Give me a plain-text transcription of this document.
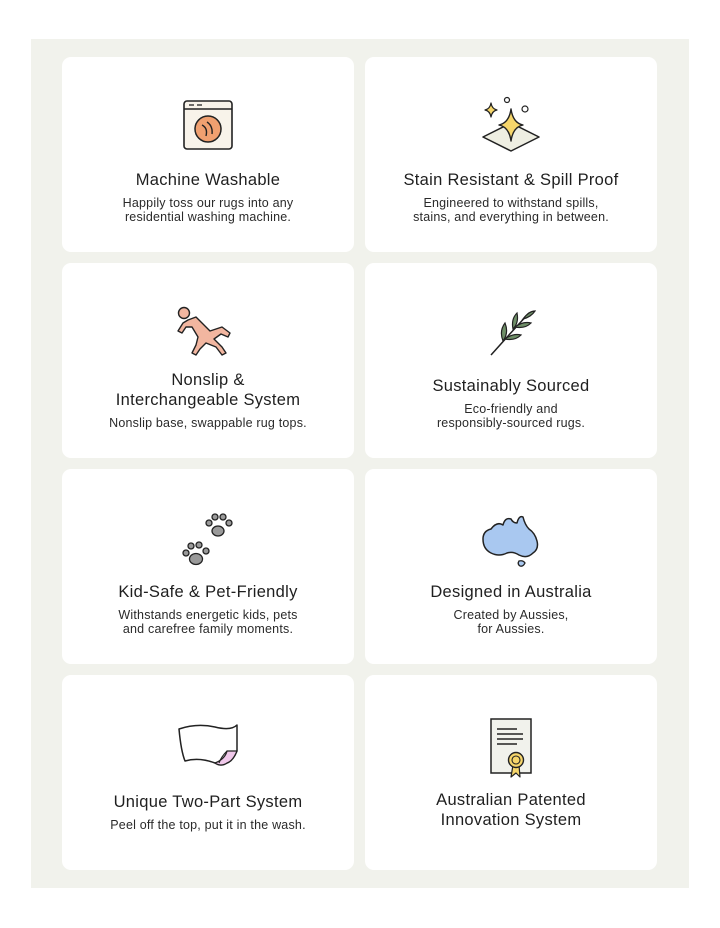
Machine Washable
Happily toss our rugs into any
residential washing machine.
Stain Resistant & Spill Proof
Engineered to withstand spills,
stains, and everything in between.
Nonslip &
Interchangeable System
Nonslip base, swappable rug tops.
Sustainably Sourced
Eco-friendly and
responsibly-sourced rugs.
Kid-Safe & Pet-Friendly
Withstands energetic kids, pets
and carefree family moments.
Designed in Australia
Created by Aussies,
for Aussies.
Unique Two-Part System
Peel off the top, put it in the wash.
Australian Patented
Innovation System
